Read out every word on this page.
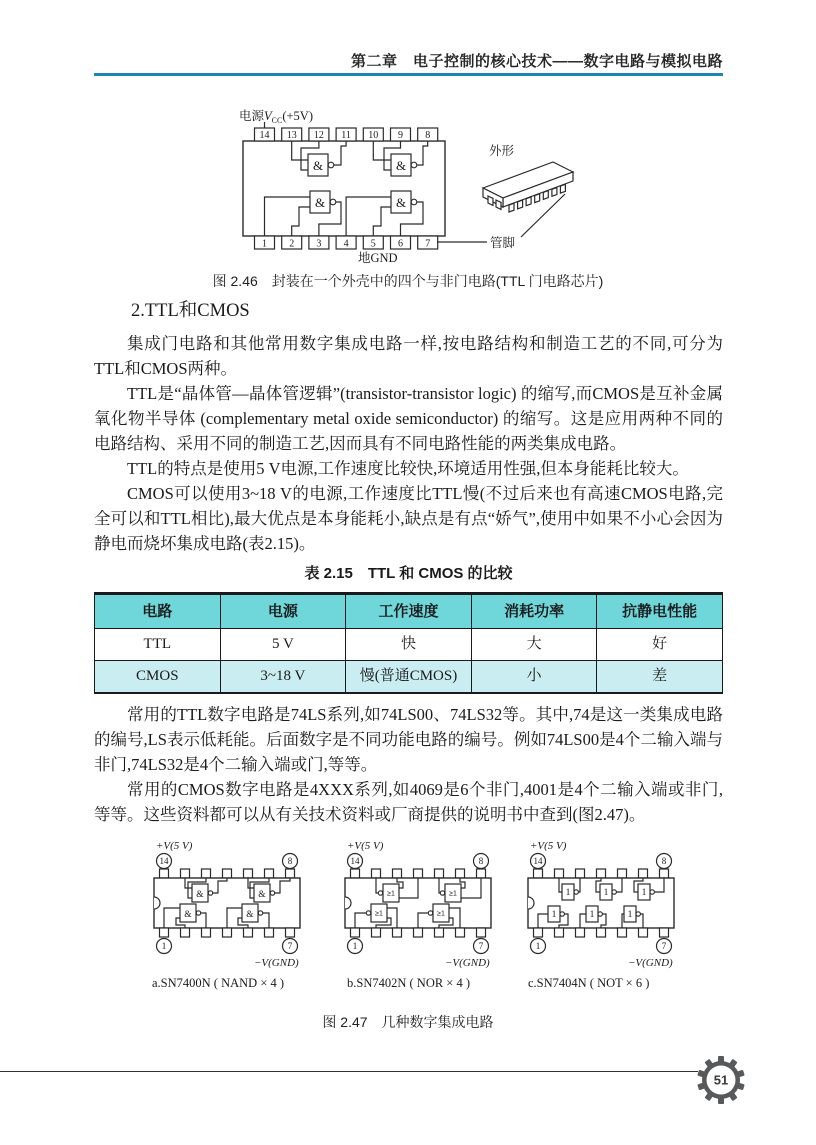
第二章　电子控制的核心技术——数字电路与模拟电路
电源$V_{CC}(+5V)$
14 13 12 11 10 9 8
1 2 3 4 5 6 7
&	&
&	&
地GND
外形
管脚
图 2.46　封装在一个外壳中的四个与非门电路(TTL 门电路芯片)
2.TTL和CMOS

集成门电路和其他常用数字集成电路一样,按电路结构和制造工艺的不同,可分为TTL和CMOS两种。

TTL是“晶体管—晶体管逻辑”(transistor-transistor logic) 的缩写,而CMOS是互补金属氧化物半导体 (complementary metal oxide semiconductor) 的缩写。这是应用两种不同的电路结构、采用不同的制造工艺,因而具有不同电路性能的两类集成电路。

TTL的特点是使用5 V电源,工作速度比较快,环境适用性强,但本身能耗比较大。

CMOS可以使用3~18 V的电源,工作速度比TTL慢(不过后来也有高速CMOS电路,完全可以和TTL相比),最大优点是本身能耗小,缺点是有点“娇气”,使用中如果不小心会因为静电而烧坏集成电路(表2.15)。

表 2.15　TTL 和 CMOS 的比较
电路	电源	工作速度	消耗功率	抗静电性能
TTL	5 V	快	大	好
CMOS	3~18 V	慢(普通CMOS)	小	差

常用的TTL数字电路是74LS系列,如74LS00、74LS32等。其中,74是这一类集成电路的编号,LS表示低耗能。后面数字是不同功能电路的编号。例如74LS00是4个二输入端与非门,74LS32是4个二输入端或门,等等。

常用的CMOS数字电路是4XXX系列,如4069是6个非门,4001是4个二输入端或非门,等等。这些资料都可以从有关技术资料或厂商提供的说明书中查到(图2.47)。

+V(5 V)
14	8
&	&
&	&
1	7
−V(GND)
a.SN7400N ( NAND × 4 )
+V(5 V)
14	8
≥1	≥1
≥1	≥1
1	7
−V(GND)
b.SN7402N ( NOR × 4 )
+V(5 V)
14	8
1	1	1
1	1	1
1	7
−V(GND)
c.SN7404N ( NOT × 6 )
图 2.47　几种数字集成电路
51
